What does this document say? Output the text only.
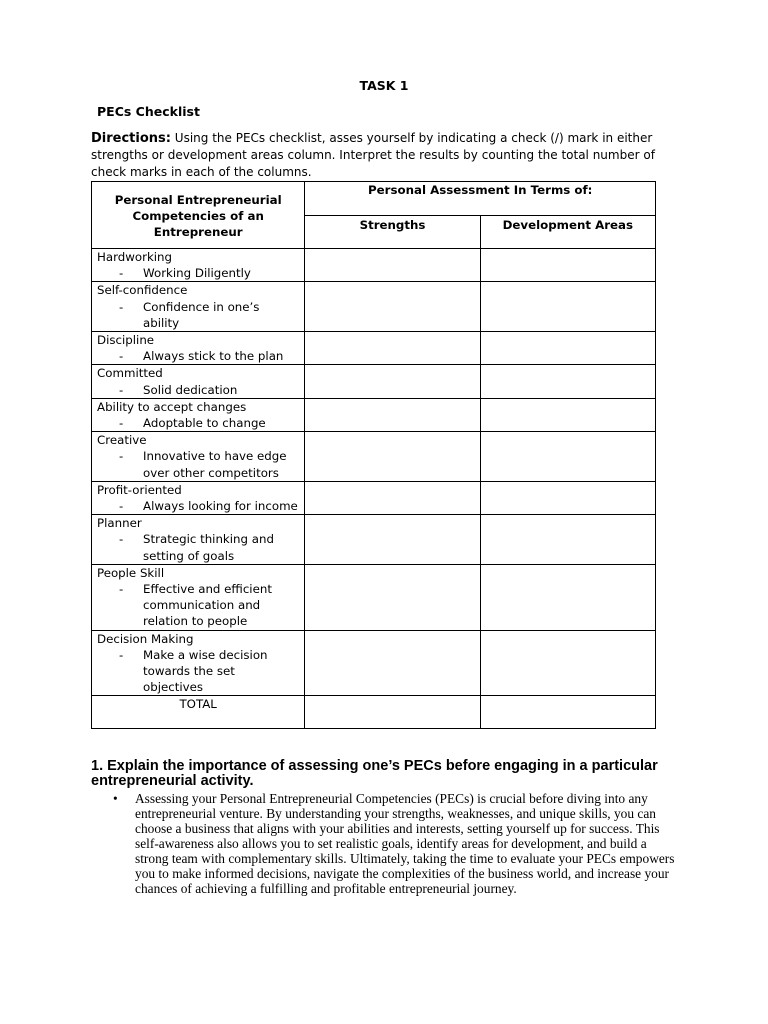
TASK 1
PECs Checklist
Directions: Using the PECs checklist, asses yourself by indicating a check (/) mark in either strengths or development areas column. Interpret the results by counting the total number of check marks in each of the columns.
Personal Entrepreneurial Competencies of an Entrepreneur	Personal Assessment In Terms of:	

	Strengths	Development Areas

Hardworking
- Working Diligently		

Self-confidence
- Confidence in one’s ability		

Discipline
- Always stick to the plan		

Committed
- Solid dedication		

Ability to accept changes
- Adoptable to change		

Creative
- Innovative to have edge over other competitors		

Profit-oriented
- Always looking for income		

Planner
- Strategic thinking and setting of goals		

People Skill
- Effective and efficient communication and relation to people		

Decision Making
- Make a wise decision towards the set objectives		

TOTAL		
1. Explain the importance of assessing one’s PECs before engaging in a particular entrepreneurial activity.
•	Assessing your Personal Entrepreneurial Competencies (PECs) is crucial before diving into any entrepreneurial venture. By understanding your strengths, weaknesses, and unique skills, you can choose a business that aligns with your abilities and interests, setting yourself up for success. This self-awareness also allows you to set realistic goals, identify areas for development, and build a strong team with complementary skills. Ultimately, taking the time to evaluate your PECs empowers you to make informed decisions, navigate the complexities of the business world, and increase your chances of achieving a fulfilling and profitable entrepreneurial journey.
